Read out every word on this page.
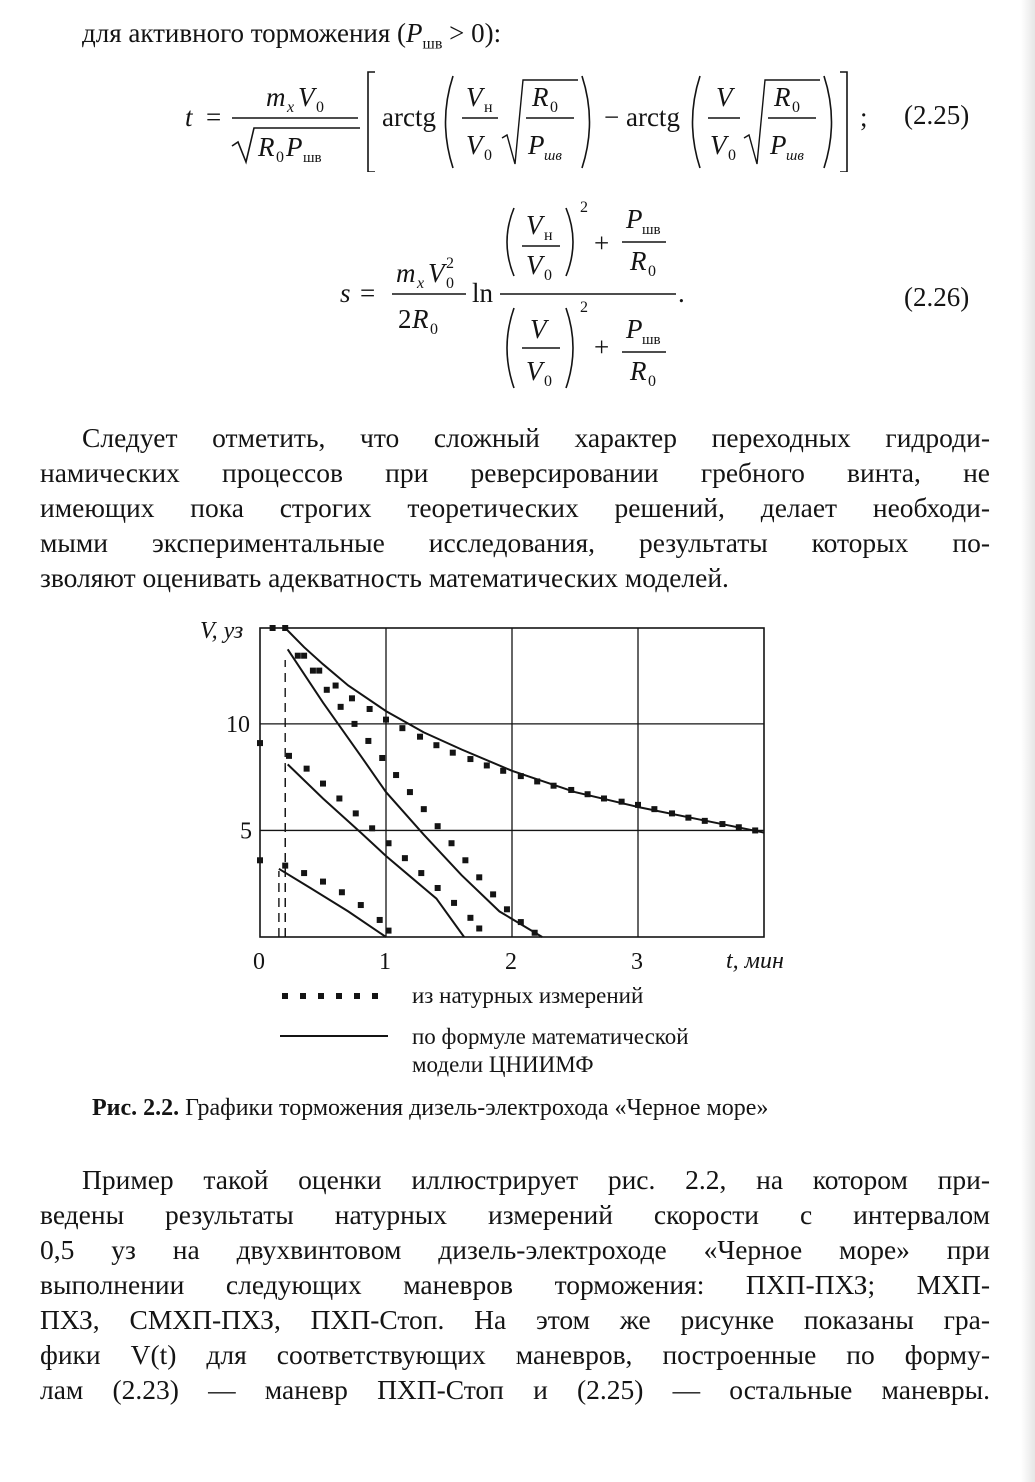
для активного торможения $(P_{шв} > 0)$:
t =
m x V 0
R 0 P шв
arctg
V н
V 0
R 0
P шв
− arctg
V
V 0
R 0
P шв
; (2.25)
s =
m x V 0
2
2 R 0
ln
V н
V 0
2
+
P шв
R 0
V
V 0
2
+
P шв
R 0
.	(2.26)
Следует отметить, что сложный характер переходных гидроди-
намических процессов при реверсировании гребного винта, не
имеющих пока строгих теоретических решений, делает необходи-
мыми экспериментальные исследования, результаты которых по-
зволяют оценивать адекватность математических моделей.
0	1	2	3
5
10
V, уз
t, мин
из натурных измерений
по формуле математической
модели ЦНИИМФ
Рис. 2.2. Графики торможения дизель-электрохода «Черное море»
Пример такой оценки иллюстрирует рис. 2.2, на котором при-
ведены результаты натурных измерений скорости с интервалом
0,5 уз на двухвинтовом дизель-электроходе «Черное море» при
выполнении следующих маневров торможения: ПХП-ПХЗ; МХП-
ПХЗ, СМХП-ПХЗ, ПХП-Стоп. На этом же рисунке показаны гра-
фики V(t) для соответствующих маневров, построенные по форму-
лам (2.23) — маневр ПХП-Стоп и (2.25) — остальные маневры.
